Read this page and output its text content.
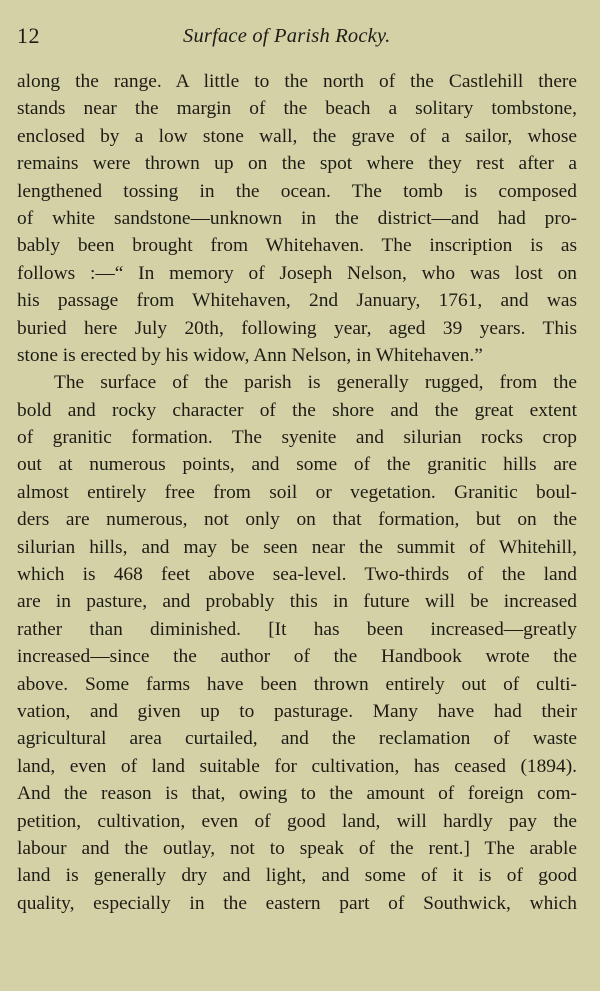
12	Surface of Parish Rocky.
along the range. A little to the north of the Castlehill there
stands near the margin of the beach a solitary tombstone,
enclosed by a low stone wall, the grave of a sailor, whose
remains were thrown up on the spot where they rest after a
lengthened tossing in the ocean. The tomb is composed
of white sandstone—unknown in the district—and had pro-
bably been brought from Whitehaven. The inscription is as
follows :—“ In memory of Joseph Nelson, who was lost on
his passage from Whitehaven, 2nd January, 1761, and was
buried here July 20th, following year, aged 39 years. This
stone is erected by his widow, Ann Nelson, in Whitehaven.”
The surface of the parish is generally rugged, from the
bold and rocky character of the shore and the great extent
of granitic formation. The syenite and silurian rocks crop
out at numerous points, and some of the granitic hills are
almost entirely free from soil or vegetation. Granitic boul-
ders are numerous, not only on that formation, but on the
silurian hills, and may be seen near the summit of Whitehill,
which is 468 feet above sea-level. Two-thirds of the land
are in pasture, and probably this in future will be increased
rather than diminished. [It has been increased—greatly
increased—since the author of the Handbook wrote the
above. Some farms have been thrown entirely out of culti-
vation, and given up to pasturage. Many have had their
agricultural area curtailed, and the reclamation of waste
land, even of land suitable for cultivation, has ceased (1894).
And the reason is that, owing to the amount of foreign com-
petition, cultivation, even of good land, will hardly pay the
labour and the outlay, not to speak of the rent.] The arable
land is generally dry and light, and some of it is of good
quality, especially in the eastern part of Southwick, which
